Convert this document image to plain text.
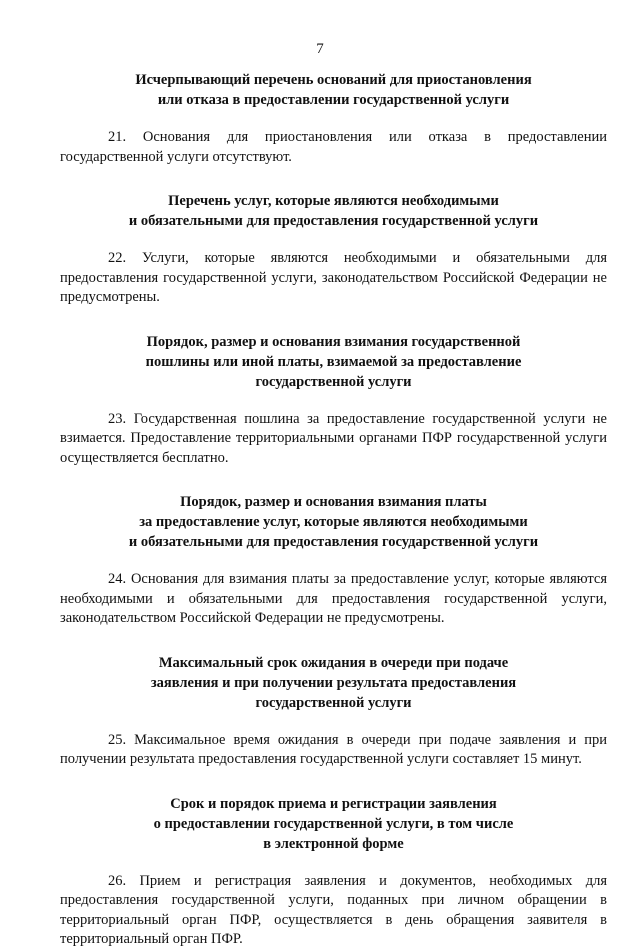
7
Исчерпывающий перечень оснований для приостановления
или отказа в предоставлении государственной услуги

21. Основания для приостановления или отказа в предоставлении государственной услуги отсутствуют.

Перечень услуг, которые являются необходимыми
и обязательными для предоставления государственной услуги

22. Услуги, которые являются необходимыми и обязательными для предоставления государственной услуги, законодательством Российской Федерации не предусмотрены.

Порядок, размер и основания взимания государственной
пошлины или иной платы, взимаемой за предоставление
государственной услуги

23. Государственная пошлина за предоставление государственной услуги не взимается. Предоставление территориальными органами ПФР государственной услуги осуществляется бесплатно.

Порядок, размер и основания взимания платы
за предоставление услуг, которые являются необходимыми
и обязательными для предоставления государственной услуги

24. Основания для взимания платы за предоставление услуг, которые являются необходимыми и обязательными для предоставления государственной услуги, законодательством Российской Федерации не предусмотрены.

Максимальный срок ожидания в очереди при подаче
заявления и при получении результата предоставления
государственной услуги

25. Максимальное время ожидания в очереди при подаче заявления и при получении результата предоставления государственной услуги составляет 15 минут.

Срок и порядок приема и регистрации заявления
о предоставлении государственной услуги, в том числе
в электронной форме

26. Прием и регистрация заявления и документов, необходимых для предоставления государственной услуги, поданных при личном обращении в территориальный орган ПФР, осуществляется в день обращения заявителя в территориальный орган ПФР.
